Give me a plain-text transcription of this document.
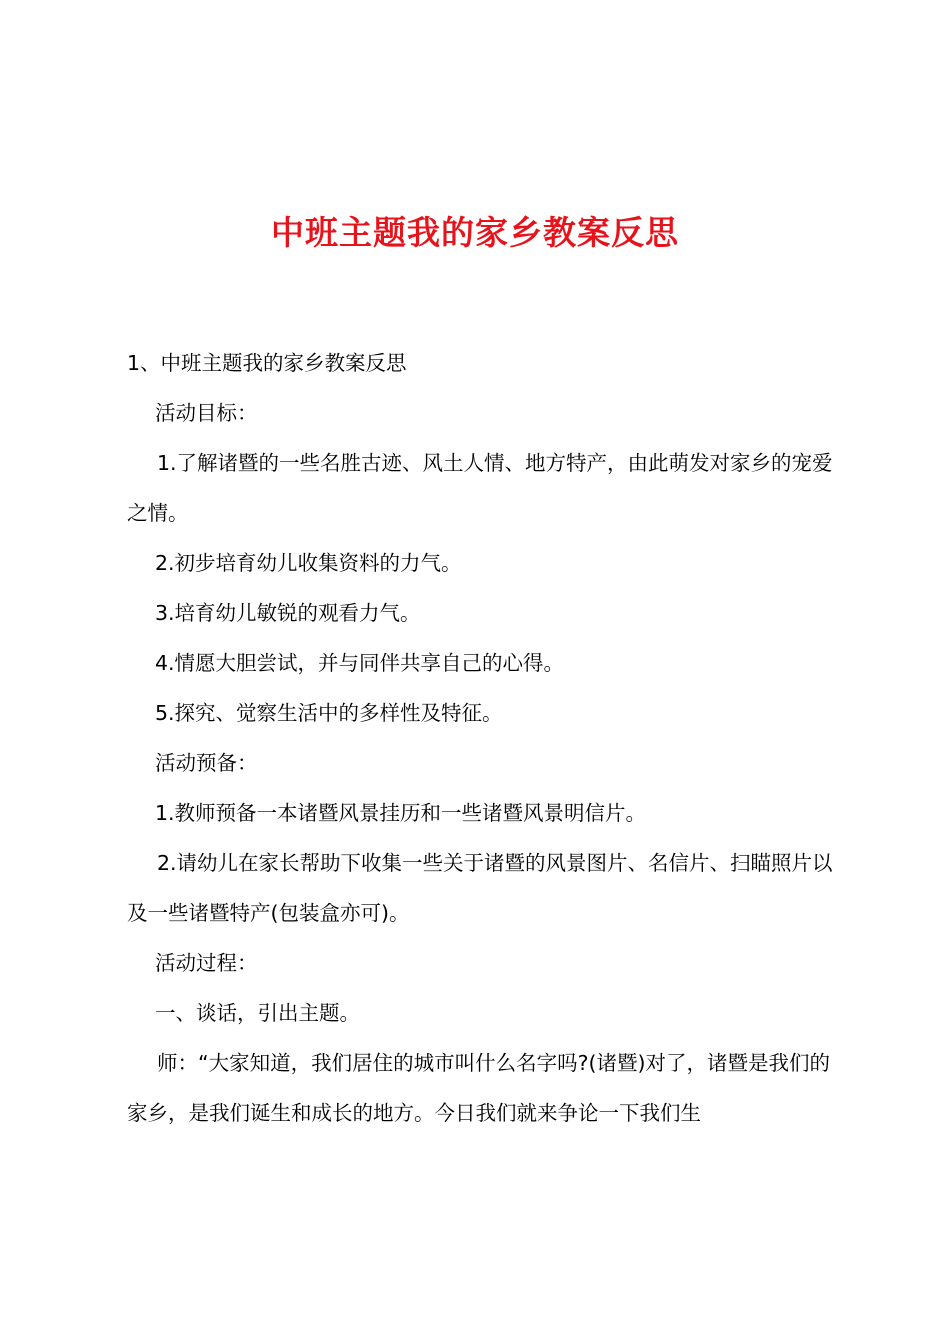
中班主题我的家乡教案反思

1、中班主题我的家乡教案反思

活动目标：

1.了解诸暨的一些名胜古迹、风土人情、地方特产，由此萌发对家乡的宠爱之情。

2.初步培育幼儿收集资料的力气。

3.培育幼儿敏锐的观看力气。

4.情愿大胆尝试，并与同伴共享自己的心得。

5.探究、觉察生活中的多样性及特征。

活动预备：

1.教师预备一本诸暨风景挂历和一些诸暨风景明信片。

2.请幼儿在家长帮助下收集一些关于诸暨的风景图片、名信片、扫瞄照片以及一些诸暨特产(包装盒亦可)。

活动过程：

一、谈话，引出主题。

师：“大家知道，我们居住的城市叫什么名字吗?(诸暨)对了，诸暨是我们的家乡，是我们诞生和成长的地方。今日我们就来争论一下我们生
